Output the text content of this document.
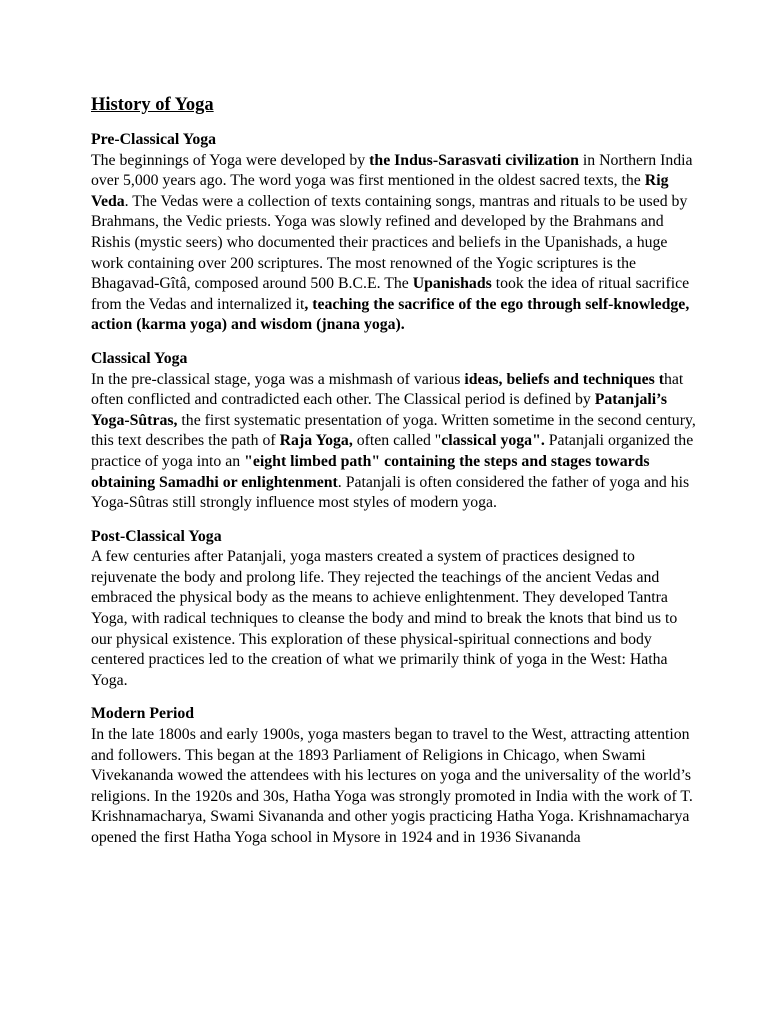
History of Yoga
Pre-Classical Yoga

The beginnings of Yoga were developed by the Indus-Sarasvati civilization in Northern India over 5,000 years ago. The word yoga was first mentioned in the oldest sacred texts, the Rig Veda. The Vedas were a collection of texts containing songs, mantras and rituals to be used by Brahmans, the Vedic priests. Yoga was slowly refined and developed by the Brahmans and Rishis (mystic seers) who documented their practices and beliefs in the Upanishads, a huge work containing over 200 scriptures. The most renowned of the Yogic scriptures is the Bhagavad-Gîtâ, composed around 500 B.C.E. The Upanishads took the idea of ritual sacrifice from the Vedas and internalized it, teaching the sacrifice of the ego through self-knowledge, action (karma yoga) and wisdom (jnana yoga).

Classical Yoga

In the pre-classical stage, yoga was a mishmash of various ideas, beliefs and techniques that often conflicted and contradicted each other. The Classical period is defined by Patanjali’s Yoga-Sûtras, the first systematic presentation of yoga. Written sometime in the second century, this text describes the path of Raja Yoga, often called "classical yoga". Patanjali organized the practice of yoga into an "eight limbed path" containing the steps and stages towards obtaining Samadhi or enlightenment. Patanjali is often considered the father of yoga and his Yoga-Sûtras still strongly influence most styles of modern yoga.

Post-Classical Yoga

A few centuries after Patanjali, yoga masters created a system of practices designed to rejuvenate the body and prolong life. They rejected the teachings of the ancient Vedas and embraced the physical body as the means to achieve enlightenment. They developed Tantra Yoga, with radical techniques to cleanse the body and mind to break the knots that bind us to our physical existence. This exploration of these physical-spiritual connections and body centered practices led to the creation of what we primarily think of yoga in the West: Hatha Yoga.

Modern Period

In the late 1800s and early 1900s, yoga masters began to travel to the West, attracting attention and followers. This began at the 1893 Parliament of Religions in Chicago, when Swami Vivekananda wowed the attendees with his lectures on yoga and the universality of the world’s religions. In the 1920s and 30s, Hatha Yoga was strongly promoted in India with the work of T. Krishnamacharya, Swami Sivananda and other yogis practicing Hatha Yoga. Krishnamacharya opened the first Hatha Yoga school in Mysore in 1924 and in 1936 Sivananda
